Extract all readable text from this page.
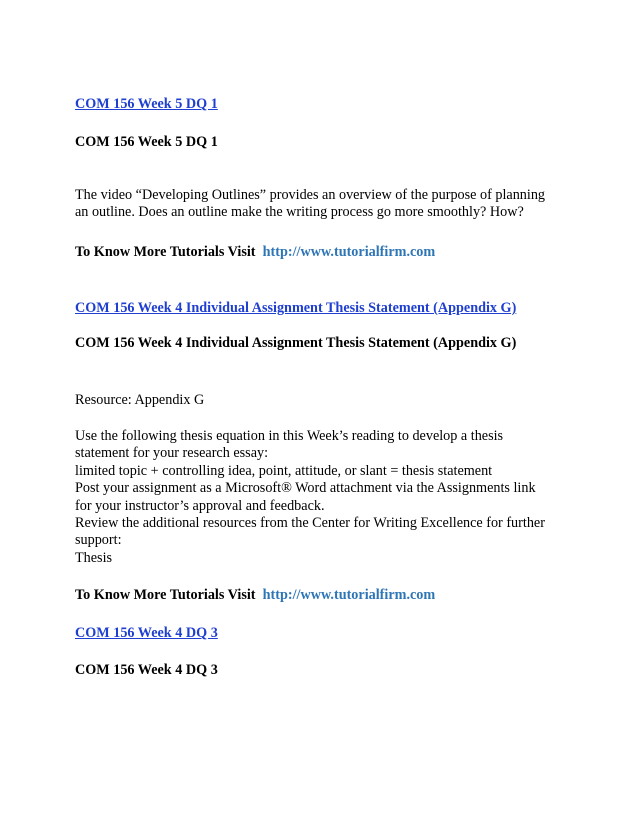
COM 156 Week 5 DQ 1
COM 156 Week 5 DQ 1
The video “Developing Outlines” provides an overview of the purpose of planning
an outline. Does an outline make the writing process go more smoothly? How?
To Know More Tutorials Visit http://www.tutorialfirm.com
COM 156 Week 4 Individual Assignment Thesis Statement (Appendix G)
COM 156 Week 4 Individual Assignment Thesis Statement (Appendix G)
Resource: Appendix G
Use the following thesis equation in this Week’s reading to develop a thesis
statement for your research essay:
limited topic + controlling idea, point, attitude, or slant = thesis statement
Post your assignment as a Microsoft® Word attachment via the Assignments link
for your instructor’s approval and feedback.
Review the additional resources from the Center for Writing Excellence for further
support:
Thesis
To Know More Tutorials Visit http://www.tutorialfirm.com
COM 156 Week 4 DQ 3
COM 156 Week 4 DQ 3
